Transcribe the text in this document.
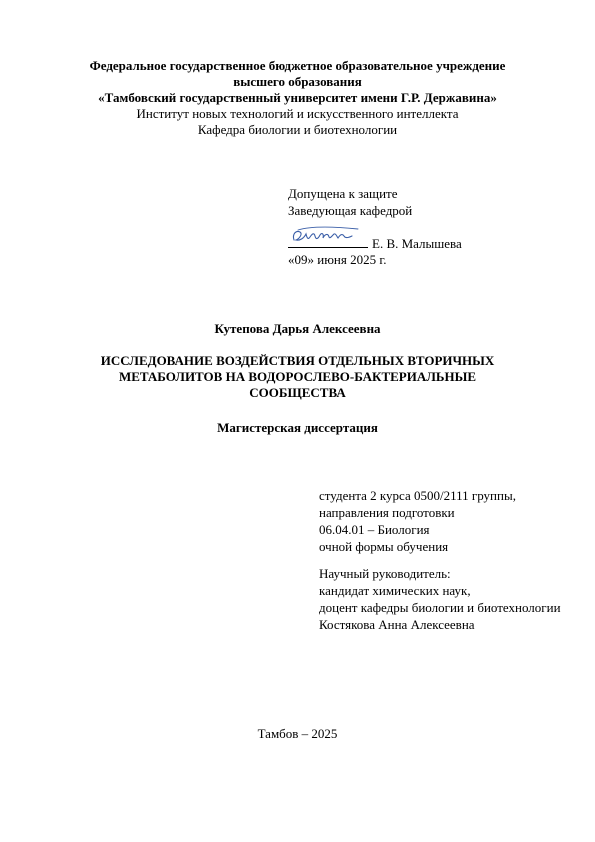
Федеральное государственное бюджетное образовательное учреждение
высшего образования
«Тамбовский государственный университет имени Г.Р. Державина»
Институт новых технологий и искусственного интеллекта
Кафедра биологии и биотехнологии
Допущена к защите
Заведующая кафедрой
Е. В. Малышева
«09» июня 2025 г.
Кутепова Дарья Алексеевна
ИССЛЕДОВАНИЕ ВОЗДЕЙСТВИЯ ОТДЕЛЬНЫХ ВТОРИЧНЫХ
МЕТАБОЛИТОВ НА ВОДОРОСЛЕВО-БАКТЕРИАЛЬНЫЕ
СООБЩЕСТВА
Магистерская диссертация
студента 2 курса 0500/2111 группы,
направления подготовки
06.04.01 – Биология
очной формы обучения
Научный руководитель:
кандидат химических наук,
доцент кафедры биологии и биотехнологии
Костякова Анна Алексеевна
Тамбов – 2025
